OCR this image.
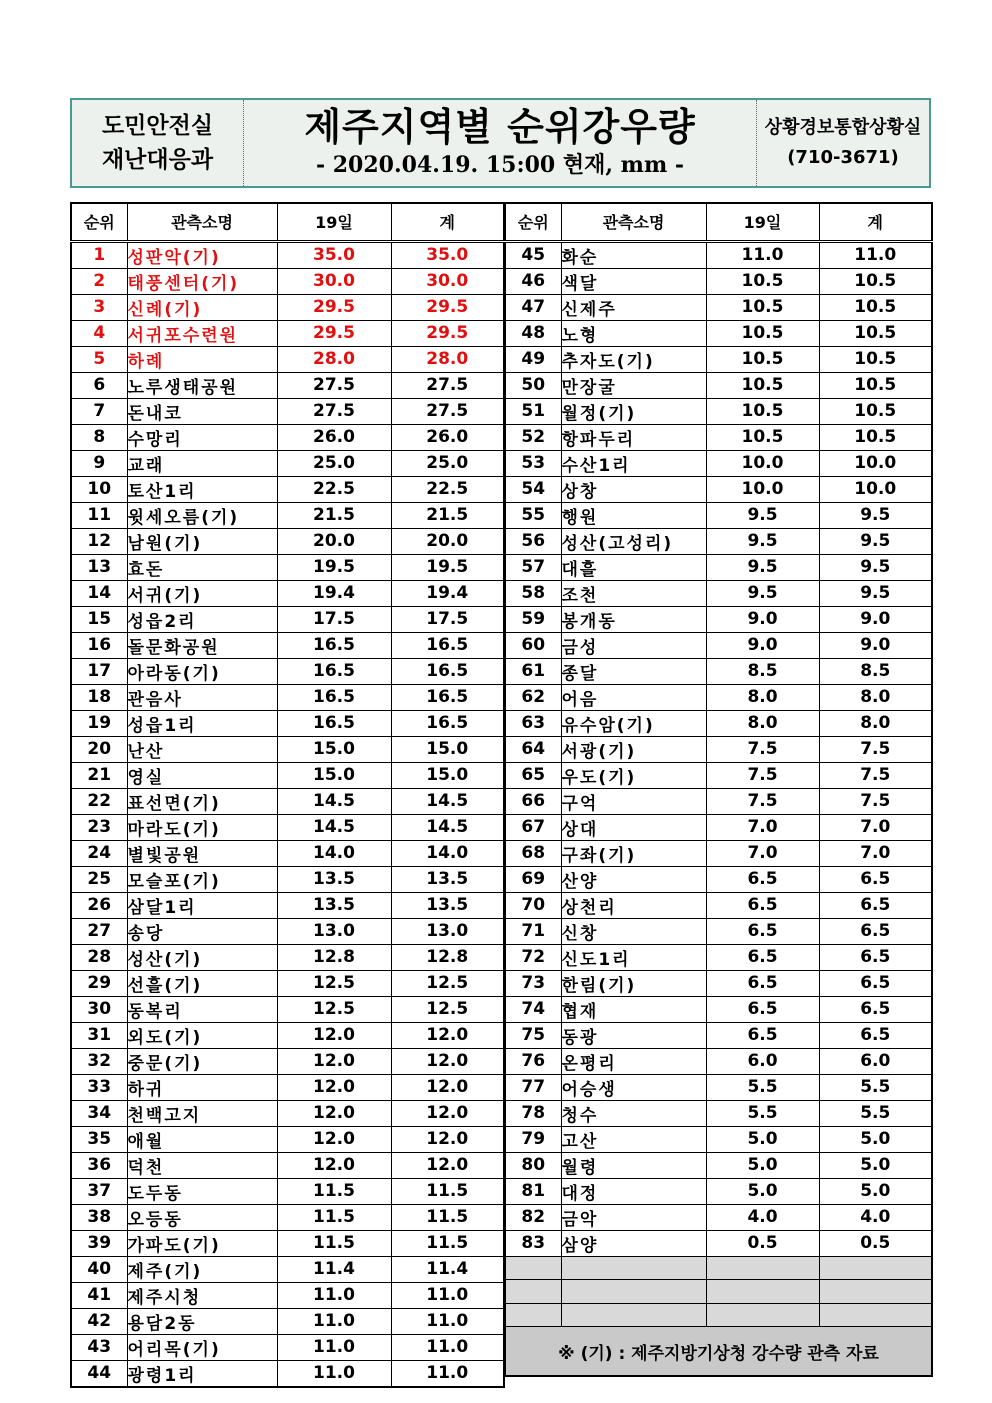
도민안전실
재난대응과
제주지역별 순위강우량
- 2020.04.19. 15:00 현재, mm -
상황경보통합상황실
(710-3671)
순위	관측소명	19일	계
1	성판악(기)	35.0	35.0
2	태풍센터(기)	30.0	30.0
3	신례(기)	29.5	29.5
4	서귀포수련원	29.5	29.5
5	하례	28.0	28.0
6	노루생태공원	27.5	27.5
7	돈내코	27.5	27.5
8	수망리	26.0	26.0
9	교래	25.0	25.0
10	토산1리	22.5	22.5
11	윗세오름(기)	21.5	21.5
12	남원(기)	20.0	20.0
13	효돈	19.5	19.5
14	서귀(기)	19.4	19.4
15	성읍2리	17.5	17.5
16	돌문화공원	16.5	16.5
17	아라동(기)	16.5	16.5
18	관음사	16.5	16.5
19	성읍1리	16.5	16.5
20	난산	15.0	15.0
21	영실	15.0	15.0
22	표선면(기)	14.5	14.5
23	마라도(기)	14.5	14.5
24	별빛공원	14.0	14.0
25	모슬포(기)	13.5	13.5
26	삼달1리	13.5	13.5
27	송당	13.0	13.0
28	성산(기)	12.8	12.8
29	선흘(기)	12.5	12.5
30	동복리	12.5	12.5
31	외도(기)	12.0	12.0
32	중문(기)	12.0	12.0
33	하귀	12.0	12.0
34	천백고지	12.0	12.0
35	애월	12.0	12.0
36	덕천	12.0	12.0
37	도두동	11.5	11.5
38	오등동	11.5	11.5
39	가파도(기)	11.5	11.5
40	제주(기)	11.4	11.4
41	제주시청	11.0	11.0
42	용담2동	11.0	11.0
43	어리목(기)	11.0	11.0
44	광령1리	11.0	11.0
순위	관측소명	19일	계
45	화순	11.0	11.0
46	색달	10.5	10.5
47	신제주	10.5	10.5
48	노형	10.5	10.5
49	추자도(기)	10.5	10.5
50	만장굴	10.5	10.5
51	월정(기)	10.5	10.5
52	항파두리	10.5	10.5
53	수산1리	10.0	10.0
54	상창	10.0	10.0
55	행원	9.5	9.5
56	성산(고성리)	9.5	9.5
57	대흘	9.5	9.5
58	조천	9.5	9.5
59	봉개동	9.0	9.0
60	금성	9.0	9.0
61	종달	8.5	8.5
62	어음	8.0	8.0
63	유수암(기)	8.0	8.0
64	서광(기)	7.5	7.5
65	우도(기)	7.5	7.5
66	구억	7.5	7.5
67	상대	7.0	7.0
68	구좌(기)	7.0	7.0
69	산양	6.5	6.5
70	상천리	6.5	6.5
71	신창	6.5	6.5
72	신도1리	6.5	6.5
73	한림(기)	6.5	6.5
74	협재	6.5	6.5
75	동광	6.5	6.5
76	온평리	6.0	6.0
77	어승생	5.5	5.5
78	청수	5.5	5.5
79	고산	5.0	5.0
80	월령	5.0	5.0
81	대정	5.0	5.0
82	금악	4.0	4.0
83	삼양	0.5	0.5

※ (기) : 제주지방기상청 강수량 관측 자료			
